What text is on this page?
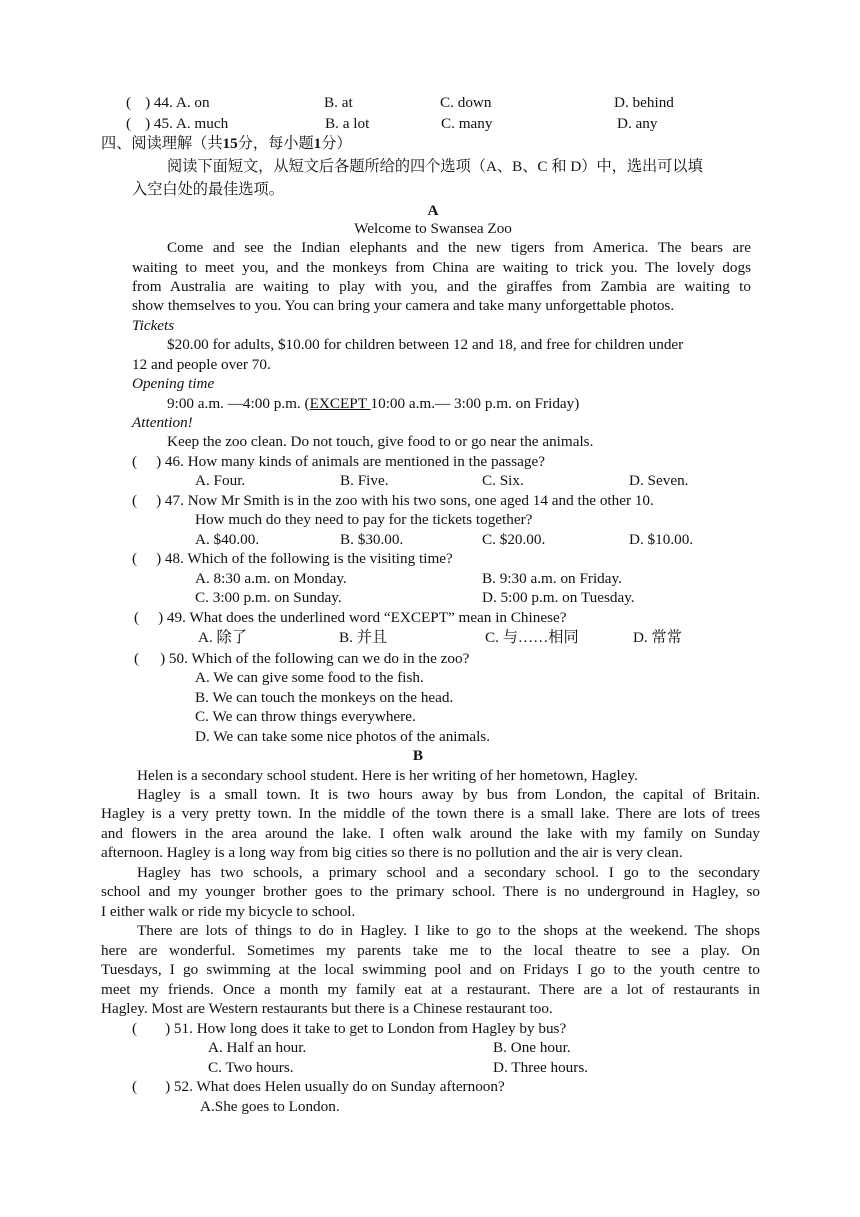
( ) 44. A. on	B. at	C. down	D. behind
( ) 45. A. much	B. a lot	C. many	D. any
四、阅读理解（共15分，每小题1分）
阅读下面短文，从短文后各题所给的四个选项（A、B、C 和 D）中，选出可以填
入空白处的最佳选项。
A
Welcome to Swansea Zoo
Come and see the Indian elephants and the new tigers from America. The bears are
waiting to meet you, and the monkeys from China are waiting to trick you. The lovely dogs
from Australia are waiting to play with you, and the giraffes from Zambia are waiting to
show themselves to you. You can bring your camera and take many unforgettable photos.
Tickets
$20.00 for adults, $10.00 for children between 12 and 18, and free for children under
12 and people over 70.
Opening time
9:00 a.m. —4:00 p.m. (EXCEPT 10:00 a.m.— 3:00 p.m. on Friday)
Attention!
Keep the zoo clean. Do not touch, give food to or go near the animals.
( ) 46. How many kinds of animals are mentioned in the passage?
A. Four.	B. Five.	C. Six.	D. Seven.
( ) 47. Now Mr Smith is in the zoo with his two sons, one aged 14 and the other 10.
How much do they need to pay for the tickets together?
A. $40.00.	B. $30.00.	C. $20.00.	D. $10.00.
( ) 48. Which of the following is the visiting time?
A. 8:30 a.m. on Monday.	B. 9:30 a.m. on Friday.
C. 3:00 p.m. on Sunday.	D. 5:00 p.m. on Tuesday.
( ) 49. What does the underlined word “EXCEPT” mean in Chinese?
A. 除了	B. 并且	C. 与……相同	D. 常常
( ) 50. Which of the following can we do in the zoo?
A. We can give some food to the fish.
B. We can touch the monkeys on the head.
C. We can throw things everywhere.
D. We can take some nice photos of the animals.
B
Helen is a secondary school student. Here is her writing of her hometown, Hagley.
Hagley is a small town. It is two hours away by bus from London, the capital of Britain.
Hagley is a very pretty town. In the middle of the town there is a small lake. There are lots of trees
and flowers in the area around the lake. I often walk around the lake with my family on Sunday
afternoon. Hagley is a long way from big cities so there is no pollution and the air is very clean.
Hagley has two schools, a primary school and a secondary school. I go to the secondary
school and my younger brother goes to the primary school. There is no underground in Hagley, so
I either walk or ride my bicycle to school.
There are lots of things to do in Hagley. I like to go to the shops at the weekend. The shops
here are wonderful. Sometimes my parents take me to the local theatre to see a play. On
Tuesdays, I go swimming at the local swimming pool and on Fridays I go to the youth centre to
meet my friends. Once a month my family eat at a restaurant. There are a lot of restaurants in
Hagley. Most are Western restaurants but there is a Chinese restaurant too.
( ) 51. How long does it take to get to London from Hagley by bus?
A. Half an hour.	B. One hour.
C. Two hours.	D. Three hours.
( ) 52. What does Helen usually do on Sunday afternoon?
A.She goes to London.
